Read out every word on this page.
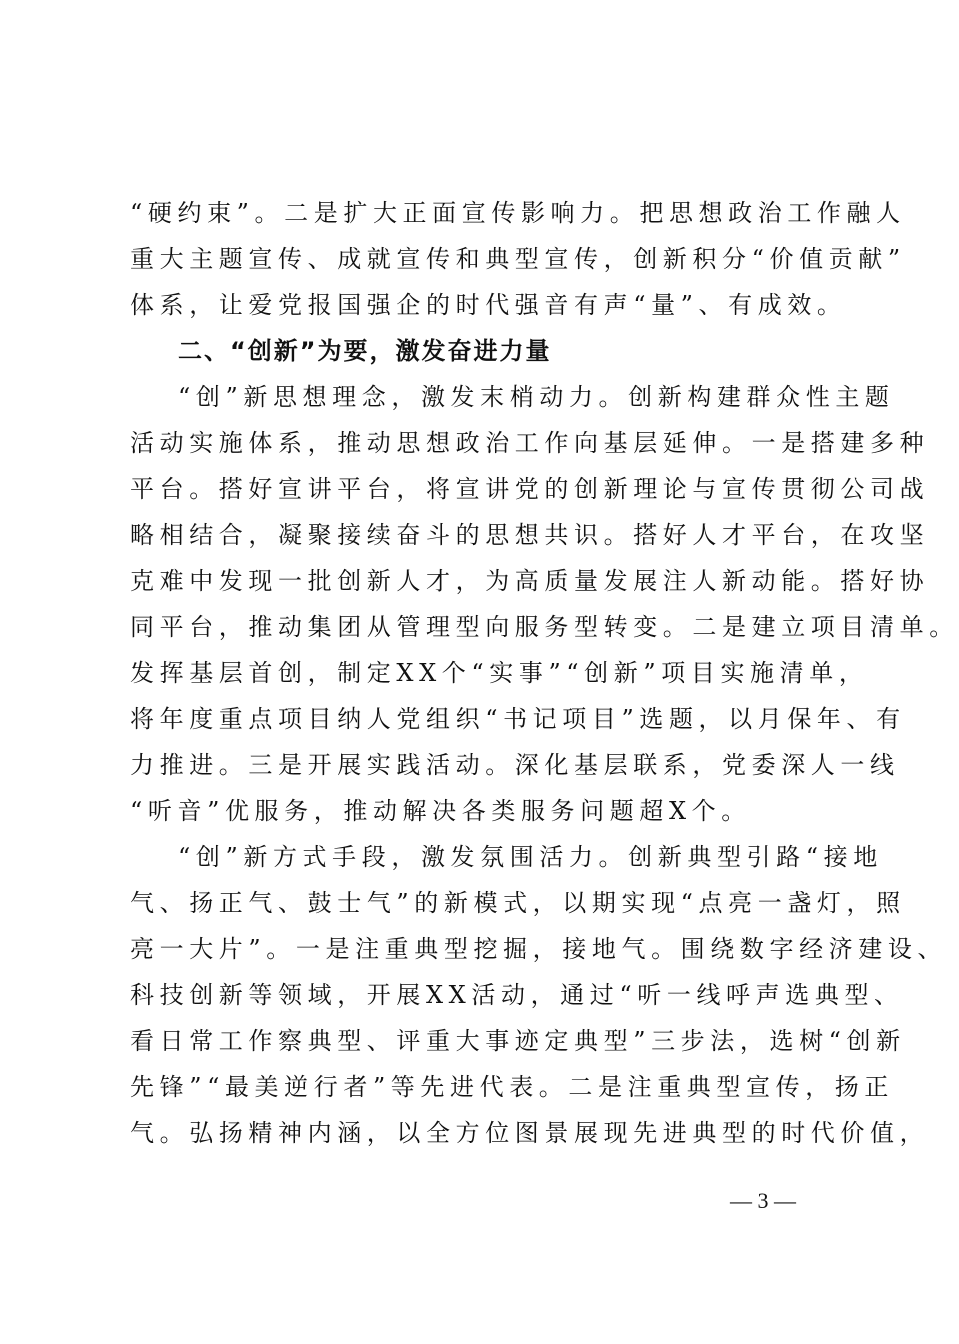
“硬约束”。二是扩大正面宣传影响力。把思想政治工作融人
重大主题宣传、成就宣传和典型宣传，创新积分“价值贡献”
体系，让爱党报国强企的时代强音有声“量”、有成效。
二、“创新”为要，激发奋进力量
“创”新思想理念，激发末梢动力。创新构建群众性主题
活动实施体系，推动思想政治工作向基层延伸。一是搭建多种
平台。搭好宣讲平台，将宣讲党的创新理论与宣传贯彻公司战
略相结合，凝聚接续奋斗的思想共识。搭好人才平台，在攻坚
克难中发现一批创新人才，为高质量发展注人新动能。搭好协
同平台，推动集团从管理型向服务型转变。二是建立项目清单。
发挥基层首创，制定XX个“实事”“创新”项目实施清单，
将年度重点项目纳人党组织“书记项目”选题，以月保年、有
力推进。三是开展实践活动。深化基层联系，党委深人一线
“听音”优服务，推动解决各类服务问题超X个。
“创”新方式手段，激发氛围活力。创新典型引路“接地
气、扬正气、鼓士气”的新模式，以期实现“点亮一盏灯，照
亮一大片”。一是注重典型挖掘，接地气。围绕数字经济建设、
科技创新等领域，开展XX活动，通过“听一线呼声选典型、
看日常工作察典型、评重大事迹定典型”三步法，选树“创新
先锋”“最美逆行者”等先进代表。二是注重典型宣传，扬正
气。弘扬精神内涵，以全方位图景展现先进典型的时代价值，
— 3 —
